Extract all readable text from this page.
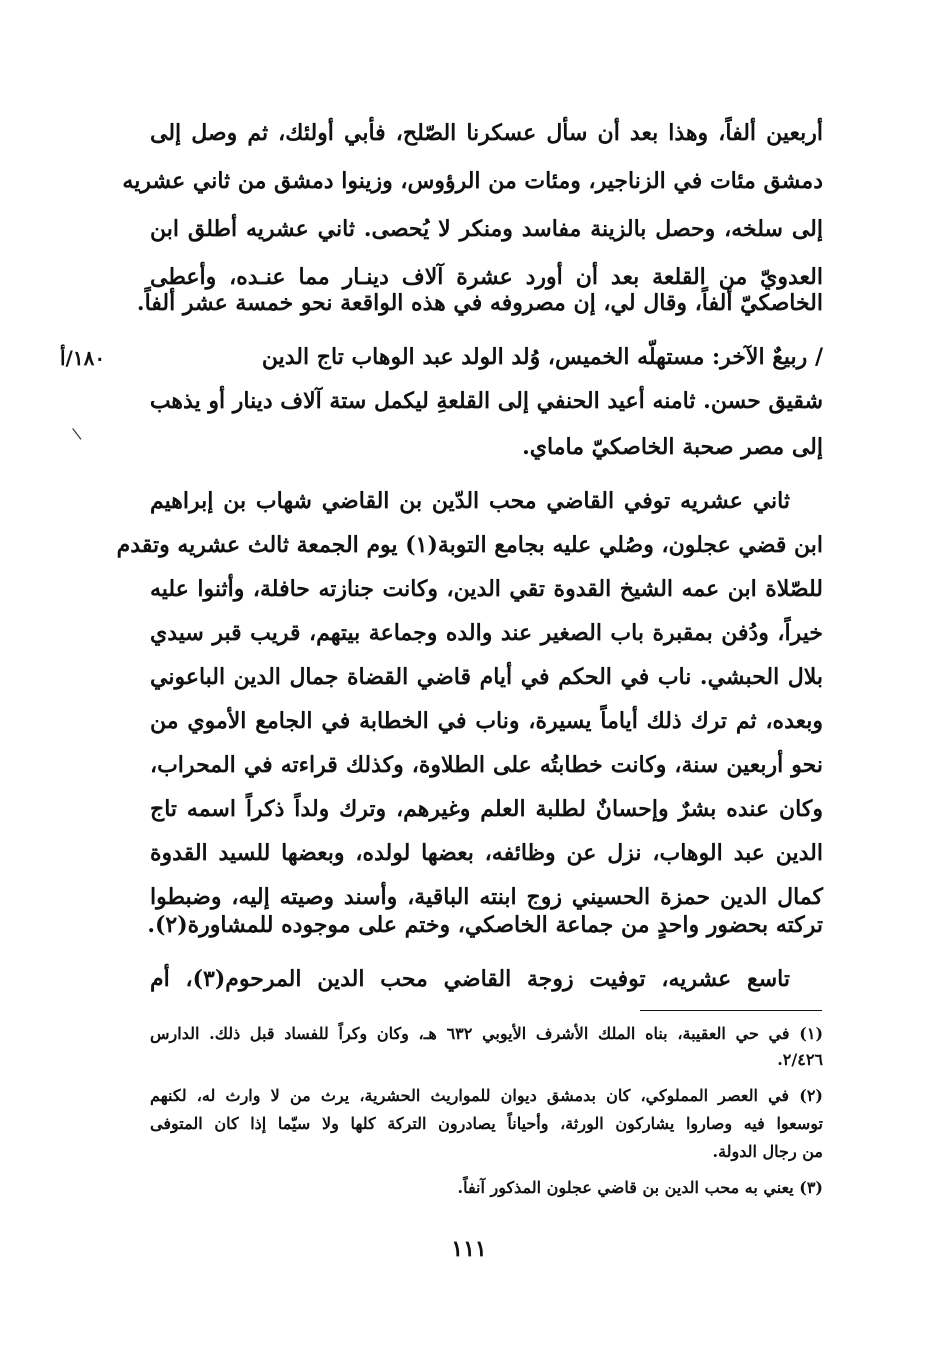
أربعين ألفاً، وهذا بعد أن سأل عسكرنا الصّلح، فأبي أولئك، ثم وصل إلى
دمشق مئات في الزناجير، ومئات من الرؤوس، وزينوا دمشق من ثاني عشريه
إلى سلخه، وحصل بالزينة مفاسد ومنكر لا يُحصى. ثاني عشريه أطلق ابن
العدويّ من القلعة بعد أن أورد عشرة آلاف دينـار مما عنـده، وأعطى
الخاصكيّ ألفاً، وقال لي، إن مصروفه في هذه الواقعة نحو خمسة عشر ألفاً.
/ ربيعٌ الآخر: مستهلّه الخميس، وُلد الولد عبد الوهاب تاج الدين
شقيق حسن. ثامنه أعيد الحنفي إلى القلعةِ ليكمل ستة آلاف دينار أو يذهب
إلى مصر صحبة الخاصكيّ ماماي.
ثاني عشريه توفي القاضي محب الدّين بن القاضي شهاب بن إبراهيم
ابن قضي عجلون، وصُلي عليه بجامع التوبة(١) يوم الجمعة ثالث عشريه وتقدم
للصّلاة ابن عمه الشيخ القدوة تقي الدين، وكانت جنازته حافلة، وأثنوا عليه
خيراً، ودُفن بمقبرة باب الصغير عند والده وجماعة بيتهم، قريب قبر سيدي
بلال الحبشي. ناب في الحكم في أيام قاضي القضاة جمال الدين الباعوني
وبعده، ثم ترك ذلك أياماً يسيرة، وناب في الخطابة في الجامع الأموي من
نحو أربعين سنة، وكانت خطابتُه على الطلاوة، وكذلك قراءته في المحراب،
وكان عنده بشرٌ وإحسانٌ لطلبة العلم وغيرهم، وترك ولداً ذكراً اسمه تاج
الدين عبد الوهاب، نزل عن وظائفه، بعضها لولده، وبعضها للسيد القدوة
كمال الدين حمزة الحسيني زوج ابنته الباقية، وأسند وصيته إليه، وضبطوا
تركته بحضور واحدٍ من جماعة الخاصكي، وختم على موجوده للمشاورة(٢).
تاسع عشريه، توفيت زوجة القاضي محب الدين المرحوم(٣)، أم
١٨٠/أ
\
(١) في حي العقيبة، بناه الملك الأشرف الأيوبي ٦٣٢ هـ، وكان وكراً للفساد قبل ذلك. الدارس
٢/٤٢٦.
(٢) في العصر المملوكي، كان بدمشق ديوان للمواريث الحشرية، يرث من لا وارث له، لكنهم
توسعوا فيه وصاروا يشاركون الورثة، وأحياناً يصادرون التركة كلها ولا سيّما إذا كان المتوفى
من رجال الدولة.
(٣) يعني به محب الدين بن قاضي عجلون المذكور آنفاً.
١١١
